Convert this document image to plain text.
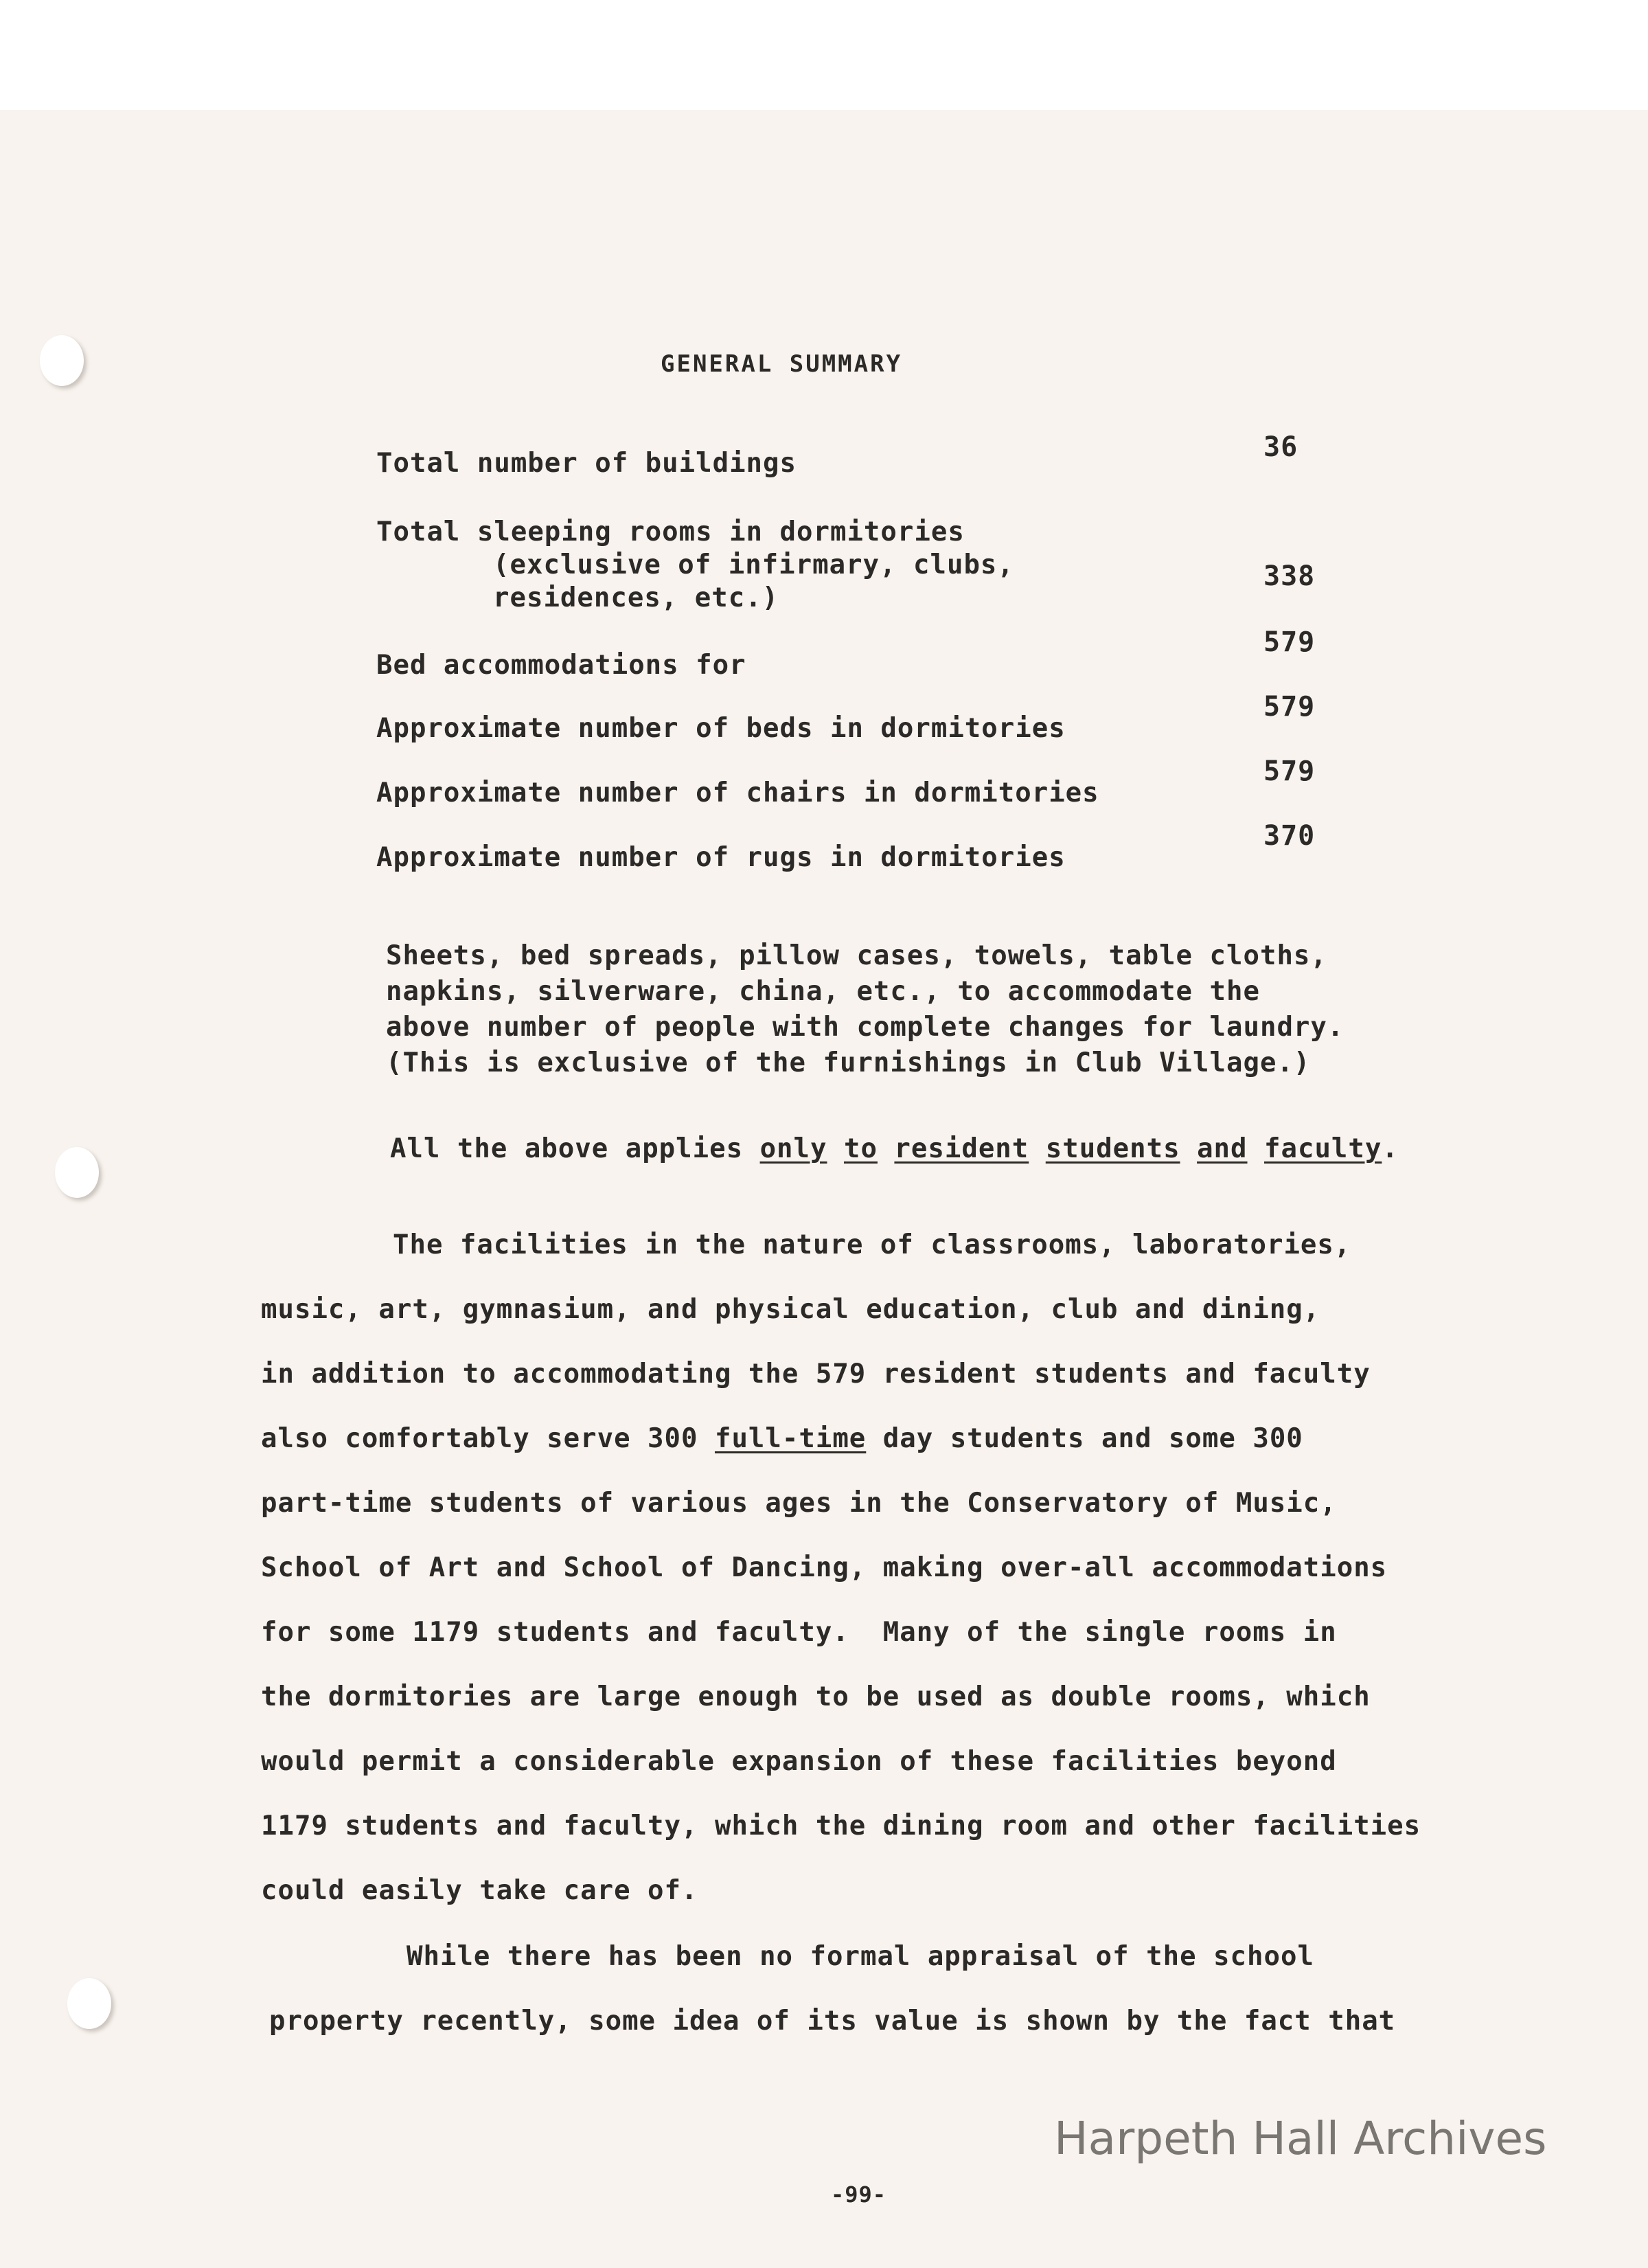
GENERAL SUMMARY
Total number of buildings
36
Total sleeping rooms in dormitories
(exclusive of infirmary, clubs,
residences, etc.)
338
Bed accommodations for
579
Approximate number of beds in dormitories
579
Approximate number of chairs in dormitories
579
Approximate number of rugs in dormitories
370
Sheets, bed spreads, pillow cases, towels, table cloths,
napkins, silverware, china, etc., to accommodate the
above number of people with complete changes for laundry.
(This is exclusive of the furnishings in Club Village.)
All the above applies only to resident students and faculty.
The facilities in the nature of classrooms, laboratories,
music, art, gymnasium, and physical education, club and dining,
in addition to accommodating the 579 resident students and faculty
also comfortably serve 300 full-time day students and some 300
part-time students of various ages in the Conservatory of Music,
School of Art and School of Dancing, making over-all accommodations
for some 1179 students and faculty.  Many of the single rooms in
the dormitories are large enough to be used as double rooms, which
would permit a considerable expansion of these facilities beyond
1179 students and faculty, which the dining room and other facilities
could easily take care of.
While there has been no formal appraisal of the school
property recently, some idea of its value is shown by the fact that
Harpeth Hall Archives
-99-
